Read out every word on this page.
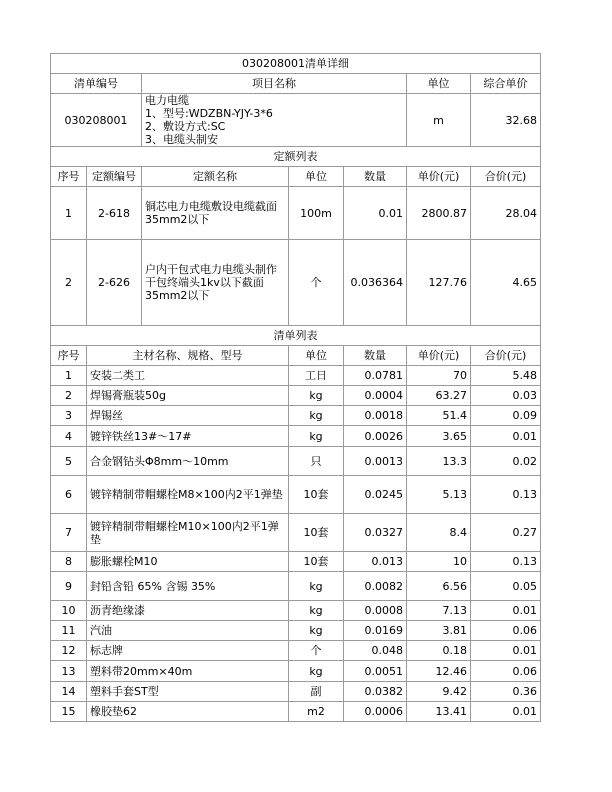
030208001清单详细						
清单编号		项目名称			单位	综合单价
030208001		电力电缆
1、型号:WDZBN-YJY-3*6
2、敷设方式:SC
3、电缆头制安			m	32.68
定额列表						
序号	定额编号	定额名称	单位	数量	单价(元)	合价(元)
1	2-618	铜芯电力电缆敷设电缆截面35mm2以下	100m	0.01	2800.87	28.04
2	2-626	户内干包式电力电缆头制作干包终端头1kv以下截面35mm2以下	个	0.036364	127.76	4.65
清单列表						
序号	主材名称、规格、型号		单位	数量	单价(元)	合价(元)
1	安装二类工		工日	0.0781	70	5.48
2	焊锡膏瓶装50g		kg	0.0004	63.27	0.03
3	焊锡丝		kg	0.0018	51.4	0.09
4	镀锌铁丝13#～17#		kg	0.0026	3.65	0.01
5	合金钢钻头Φ8mm～10mm		只	0.0013	13.3	0.02
6	镀锌精制带帽螺栓M8×100内2平1弹垫		10套	0.0245	5.13	0.13
7	镀锌精制带帽螺栓M10×100内2平1弹垫		10套	0.0327	8.4	0.27
8	膨胀螺栓M10		10套	0.013	10	0.13
9	封铅含铅 65% 含锡 35%		kg	0.0082	6.56	0.05
10	沥青绝缘漆		kg	0.0008	7.13	0.01
11	汽油		kg	0.0169	3.81	0.06
12	标志牌		个	0.048	0.18	0.01
13	塑料带20mm×40m		kg	0.0051	12.46	0.06
14	塑料手套ST型		副	0.0382	9.42	0.36
15	橡胶垫62		m2	0.0006	13.41	0.01
